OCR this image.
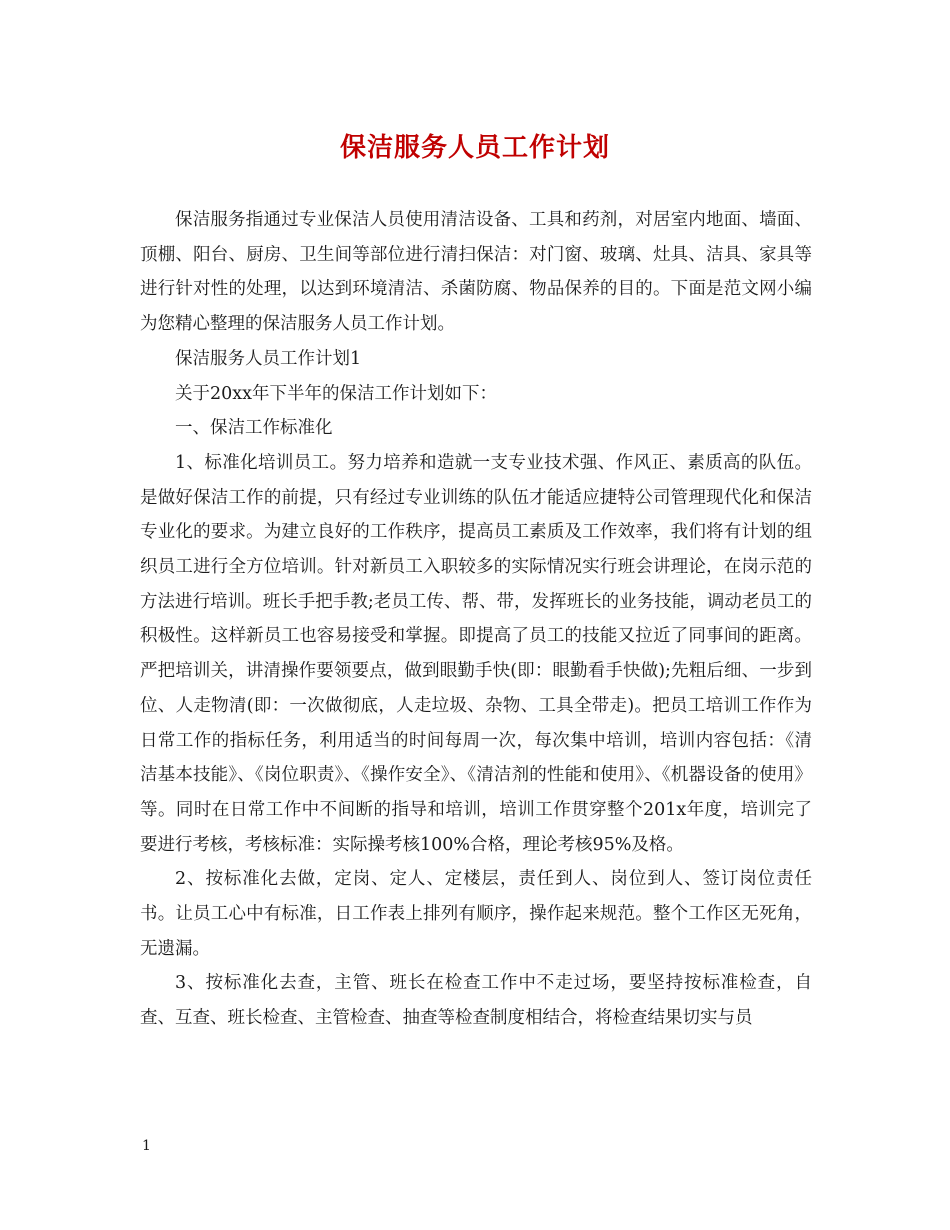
保洁服务人员工作计划

保洁服务指通过专业保洁人员使用清洁设备、工具和药剂，对居室内地面、墙面、顶棚、阳台、厨房、卫生间等部位进行清扫保洁：对门窗、玻璃、灶具、洁具、家具等进行针对性的处理，以达到环境清洁、杀菌防腐、物品保养的目的。下面是范文网小编为您精心整理的保洁服务人员工作计划。

保洁服务人员工作计划1

关于20xx年下半年的保洁工作计划如下：

一、保洁工作标准化

1、标准化培训员工。努力培养和造就一支专业技术强、作风正、素质高的队伍。是做好保洁工作的前提，只有经过专业训练的队伍才能适应捷特公司管理现代化和保洁专业化的要求。为建立良好的工作秩序，提高员工素质及工作效率，我们将有计划的组织员工进行全方位培训。针对新员工入职较多的实际情况实行班会讲理论，在岗示范的方法进行培训。班长手把手教;老员工传、帮、带，发挥班长的业务技能，调动老员工的积极性。这样新员工也容易接受和掌握。即提高了员工的技能又拉近了同事间的距离。严把培训关，讲清操作要领要点，做到眼勤手快(即：眼勤看手快做);先粗后细、一步到位、人走物清(即：一次做彻底，人走垃圾、杂物、工具全带走)。把员工培训工作作为日常工作的指标任务，利用适当的时间每周一次，每次集中培训，培训内容包括：《清洁基本技能》、《岗位职责》、《操作安全》、《清洁剂的性能和使用》、《机器设备的使用》等。同时在日常工作中不间断的指导和培训，培训工作贯穿整个201x年度，培训完了要进行考核，考核标准：实际操考核100%合格，理论考核95%及格。

2、按标准化去做，定岗、定人、定楼层，责任到人、岗位到人、签订岗位责任书。让员工心中有标准，日工作表上排列有顺序，操作起来规范。整个工作区无死角，无遗漏。

3、按标准化去查，主管、班长在检查工作中不走过场，要坚持按标准检查，自查、互查、班长检查、主管检查、抽查等检查制度相结合，将检查结果切实与员

1
